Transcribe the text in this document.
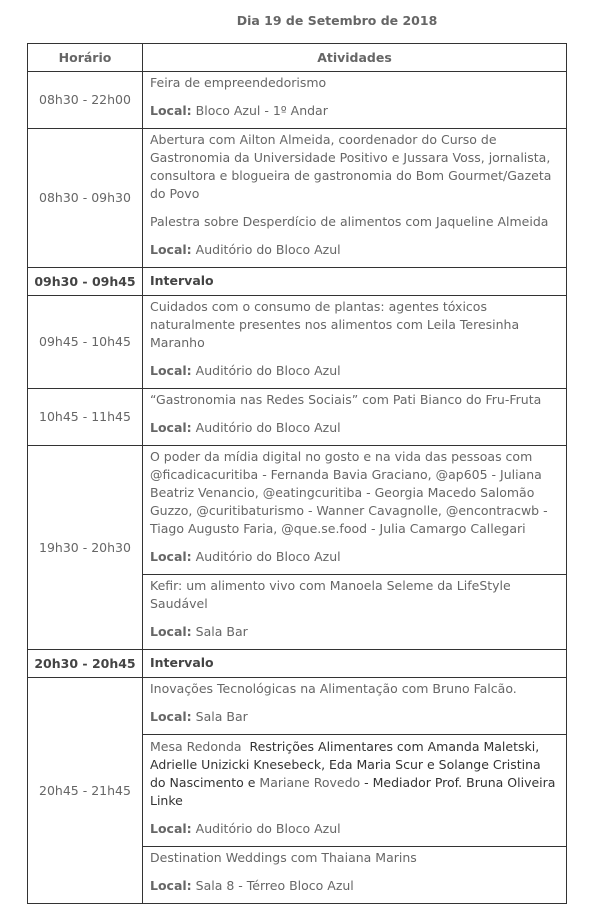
Dia 19 de Setembro de 2018
Horário	Atividades
08h30 - 22h00	Feira de empreendedorismo

Local: Bloco Azul - 1º Andar

08h30 - 09h30	Abertura com Ailton Almeida, coordenador do Curso de Gastronomia da Universidade Positivo e Jussara Voss, jornalista, consultora e blogueira de gastronomia do Bom Gourmet/Gazeta do Povo

Palestra sobre Desperdício de alimentos com Jaqueline Almeida

Local: Auditório do Bloco Azul

09h30 - 09h45	Intervalo
09h45 - 10h45	Cuidados com o consumo de plantas: agentes tóxicos naturalmente presentes nos alimentos com Leila Teresinha Maranho

Local: Auditório do Bloco Azul

10h45 - 11h45	“Gastronomia nas Redes Sociais” com Pati Bianco do Fru-Fruta

Local: Auditório do Bloco Azul

19h30 - 20h30	O poder da mídia digital no gosto e na vida das pessoas com @ficadicacuritiba - Fernanda Bavia Graciano, @ap605 - Juliana Beatriz Venancio, @eatingcuritiba - Georgia Macedo Salomão Guzzo, @curitibaturismo - Wanner Cavagnolle, @encontracwb - Tiago Augusto Faria, @que.se.food - Julia Camargo Callegari

Local: Auditório do Bloco Azul

	Kefir: um alimento vivo com Manoela Seleme da LifeStyle Saudável

Local: Sala Bar

20h30 - 20h45	Intervalo
20h45 - 21h45	Inovações Tecnológicas na Alimentação com Bruno Falcão.

Local: Sala Bar

	Mesa Redonda Restrições Alimentares com Amanda Maletski, Adrielle Unizicki Knesebeck, Eda Maria Scur e Solange Cristina do Nascimento e Mariane Rovedo - Mediador Prof. Bruna Oliveira Linke

Local: Auditório do Bloco Azul

	Destination Weddings com Thaiana Marins

Local: Sala 8 - Térreo Bloco Azul
